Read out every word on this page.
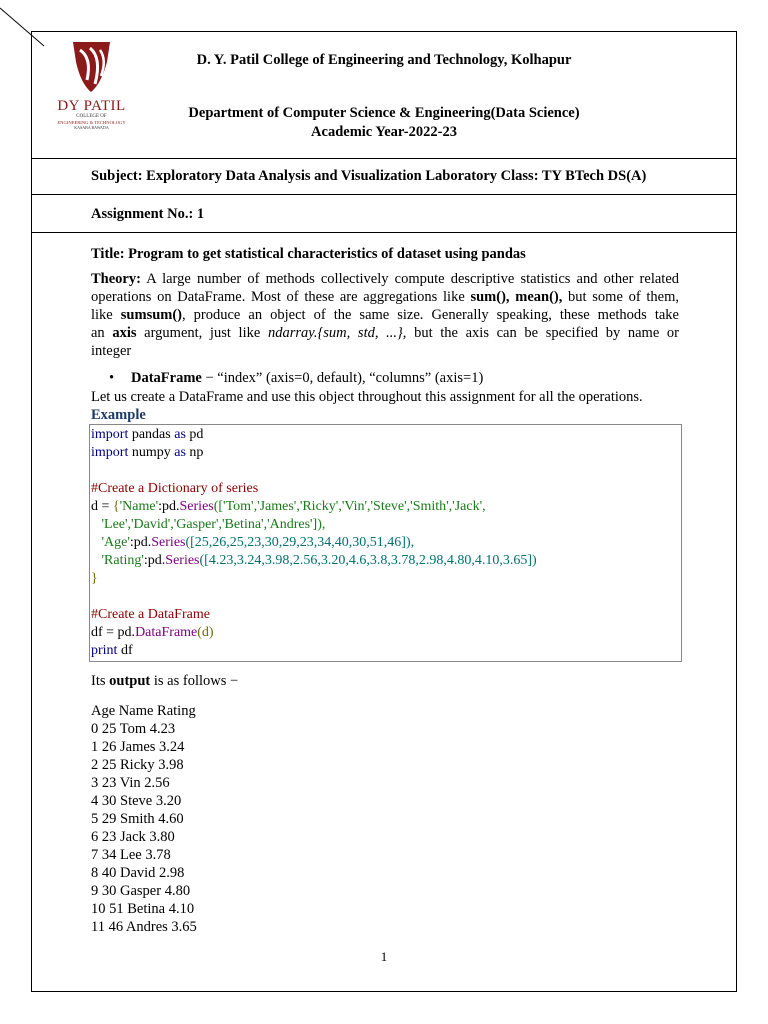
DY PATIL
COLLEGE OF
ENGINEERING & TECHNOLOGY
KASABA BAWADA
D. Y. Patil College of Engineering and Technology, Kolhapur
Department of Computer Science & Engineering(Data Science)
Academic Year-2022-23
Subject: Exploratory Data Analysis and Visualization Laboratory Class: TY BTech DS(A)
Assignment No.: 1
Title: Program to get statistical characteristics of dataset using pandas
Theory: A large number of methods collectively compute descriptive statistics and other related
operations on DataFrame. Most of these are aggregations like sum(), mean(), but some of them,
like sumsum(), produce an object of the same size. Generally speaking, these methods take
an axis argument, just like ndarray.{sum, std, ...}, but the axis can be specified by name or
integer
• DataFrame − “index” (axis=0, default), “columns” (axis=1)
Let us create a DataFrame and use this object throughout this assignment for all the operations.
Example
import pandas as pd
import numpy as np

#Create a Dictionary of series
d = {'Name':pd.Series(['Tom','James','Ricky','Vin','Steve','Smith','Jack',
'Lee','David','Gasper','Betina','Andres']),
'Age':pd.Series([25,26,25,23,30,29,23,34,40,30,51,46]),
'Rating':pd.Series([4.23,3.24,3.98,2.56,3.20,4.6,3.8,3.78,2.98,4.80,4.10,3.65])
}

#Create a DataFrame
df = pd.DataFrame(d)
print df
Its output is as follows −
Age Name Rating
0 25 Tom 4.23
1 26 James 3.24
2 25 Ricky 3.98
3 23 Vin 2.56
4 30 Steve 3.20
5 29 Smith 4.60
6 23 Jack 3.80
7 34 Lee 3.78
8 40 David 2.98
9 30 Gasper 4.80
10 51 Betina 4.10
11 46 Andres 3.65
1
